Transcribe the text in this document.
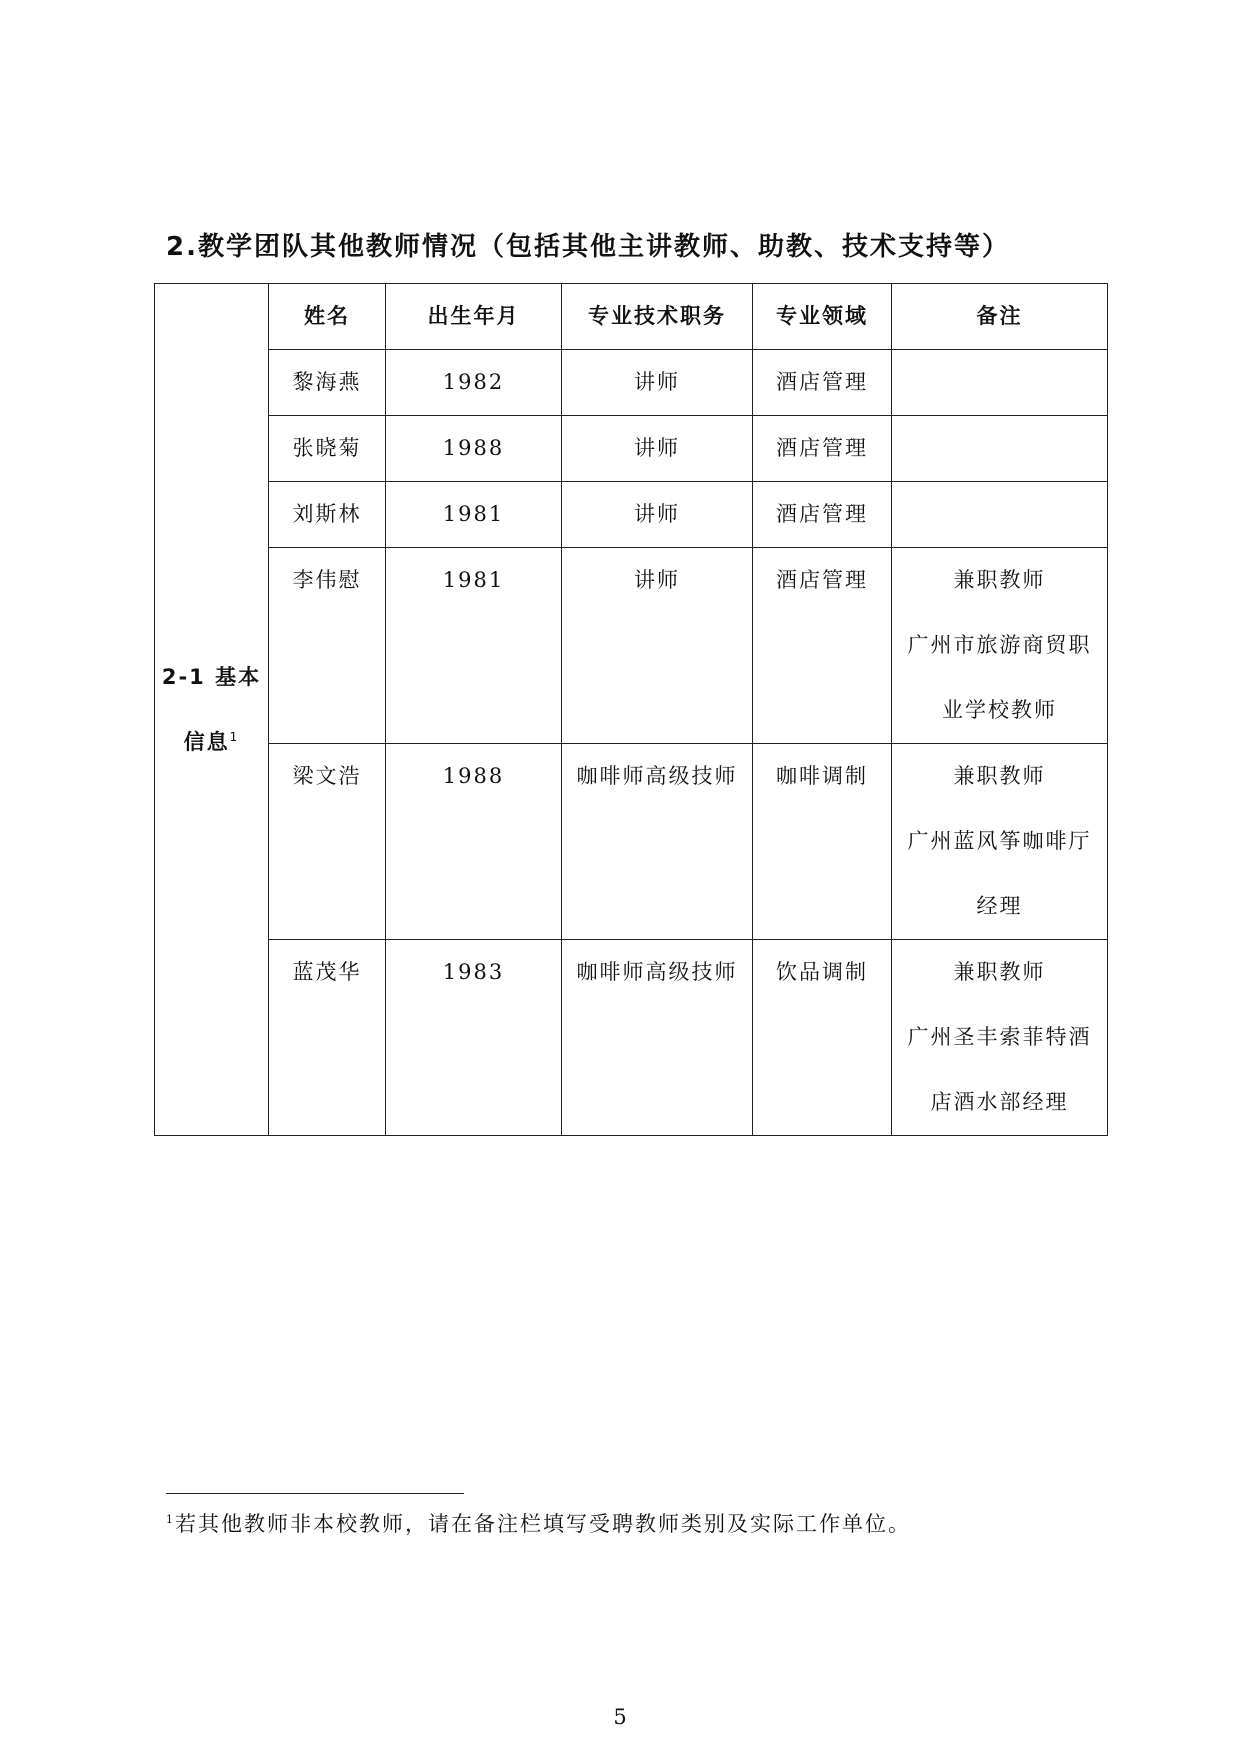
2.教学团队其他教师情况（包括其他主讲教师、助教、技术支持等）
2-1 基本
信息$^1$	姓名	出生年月	专业技术职务	专业领域	备注
	黎海燕	1982	讲师	酒店管理	
	张晓菊	1988	讲师	酒店管理	
	刘斯林	1981	讲师	酒店管理	
	李伟慰	1981	讲师	酒店管理	兼职教师
广州市旅游商贸职
业学校教师

	梁文浩	1988	咖啡师高级技师	咖啡调制	兼职教师
广州蓝风筝咖啡厅
经理

	蓝茂华	1983	咖啡师高级技师	饮品调制	兼职教师
广州圣丰索菲特酒
店酒水部经理
$^1$若其他教师非本校教师，请在备注栏填写受聘教师类别及实际工作单位。
5
